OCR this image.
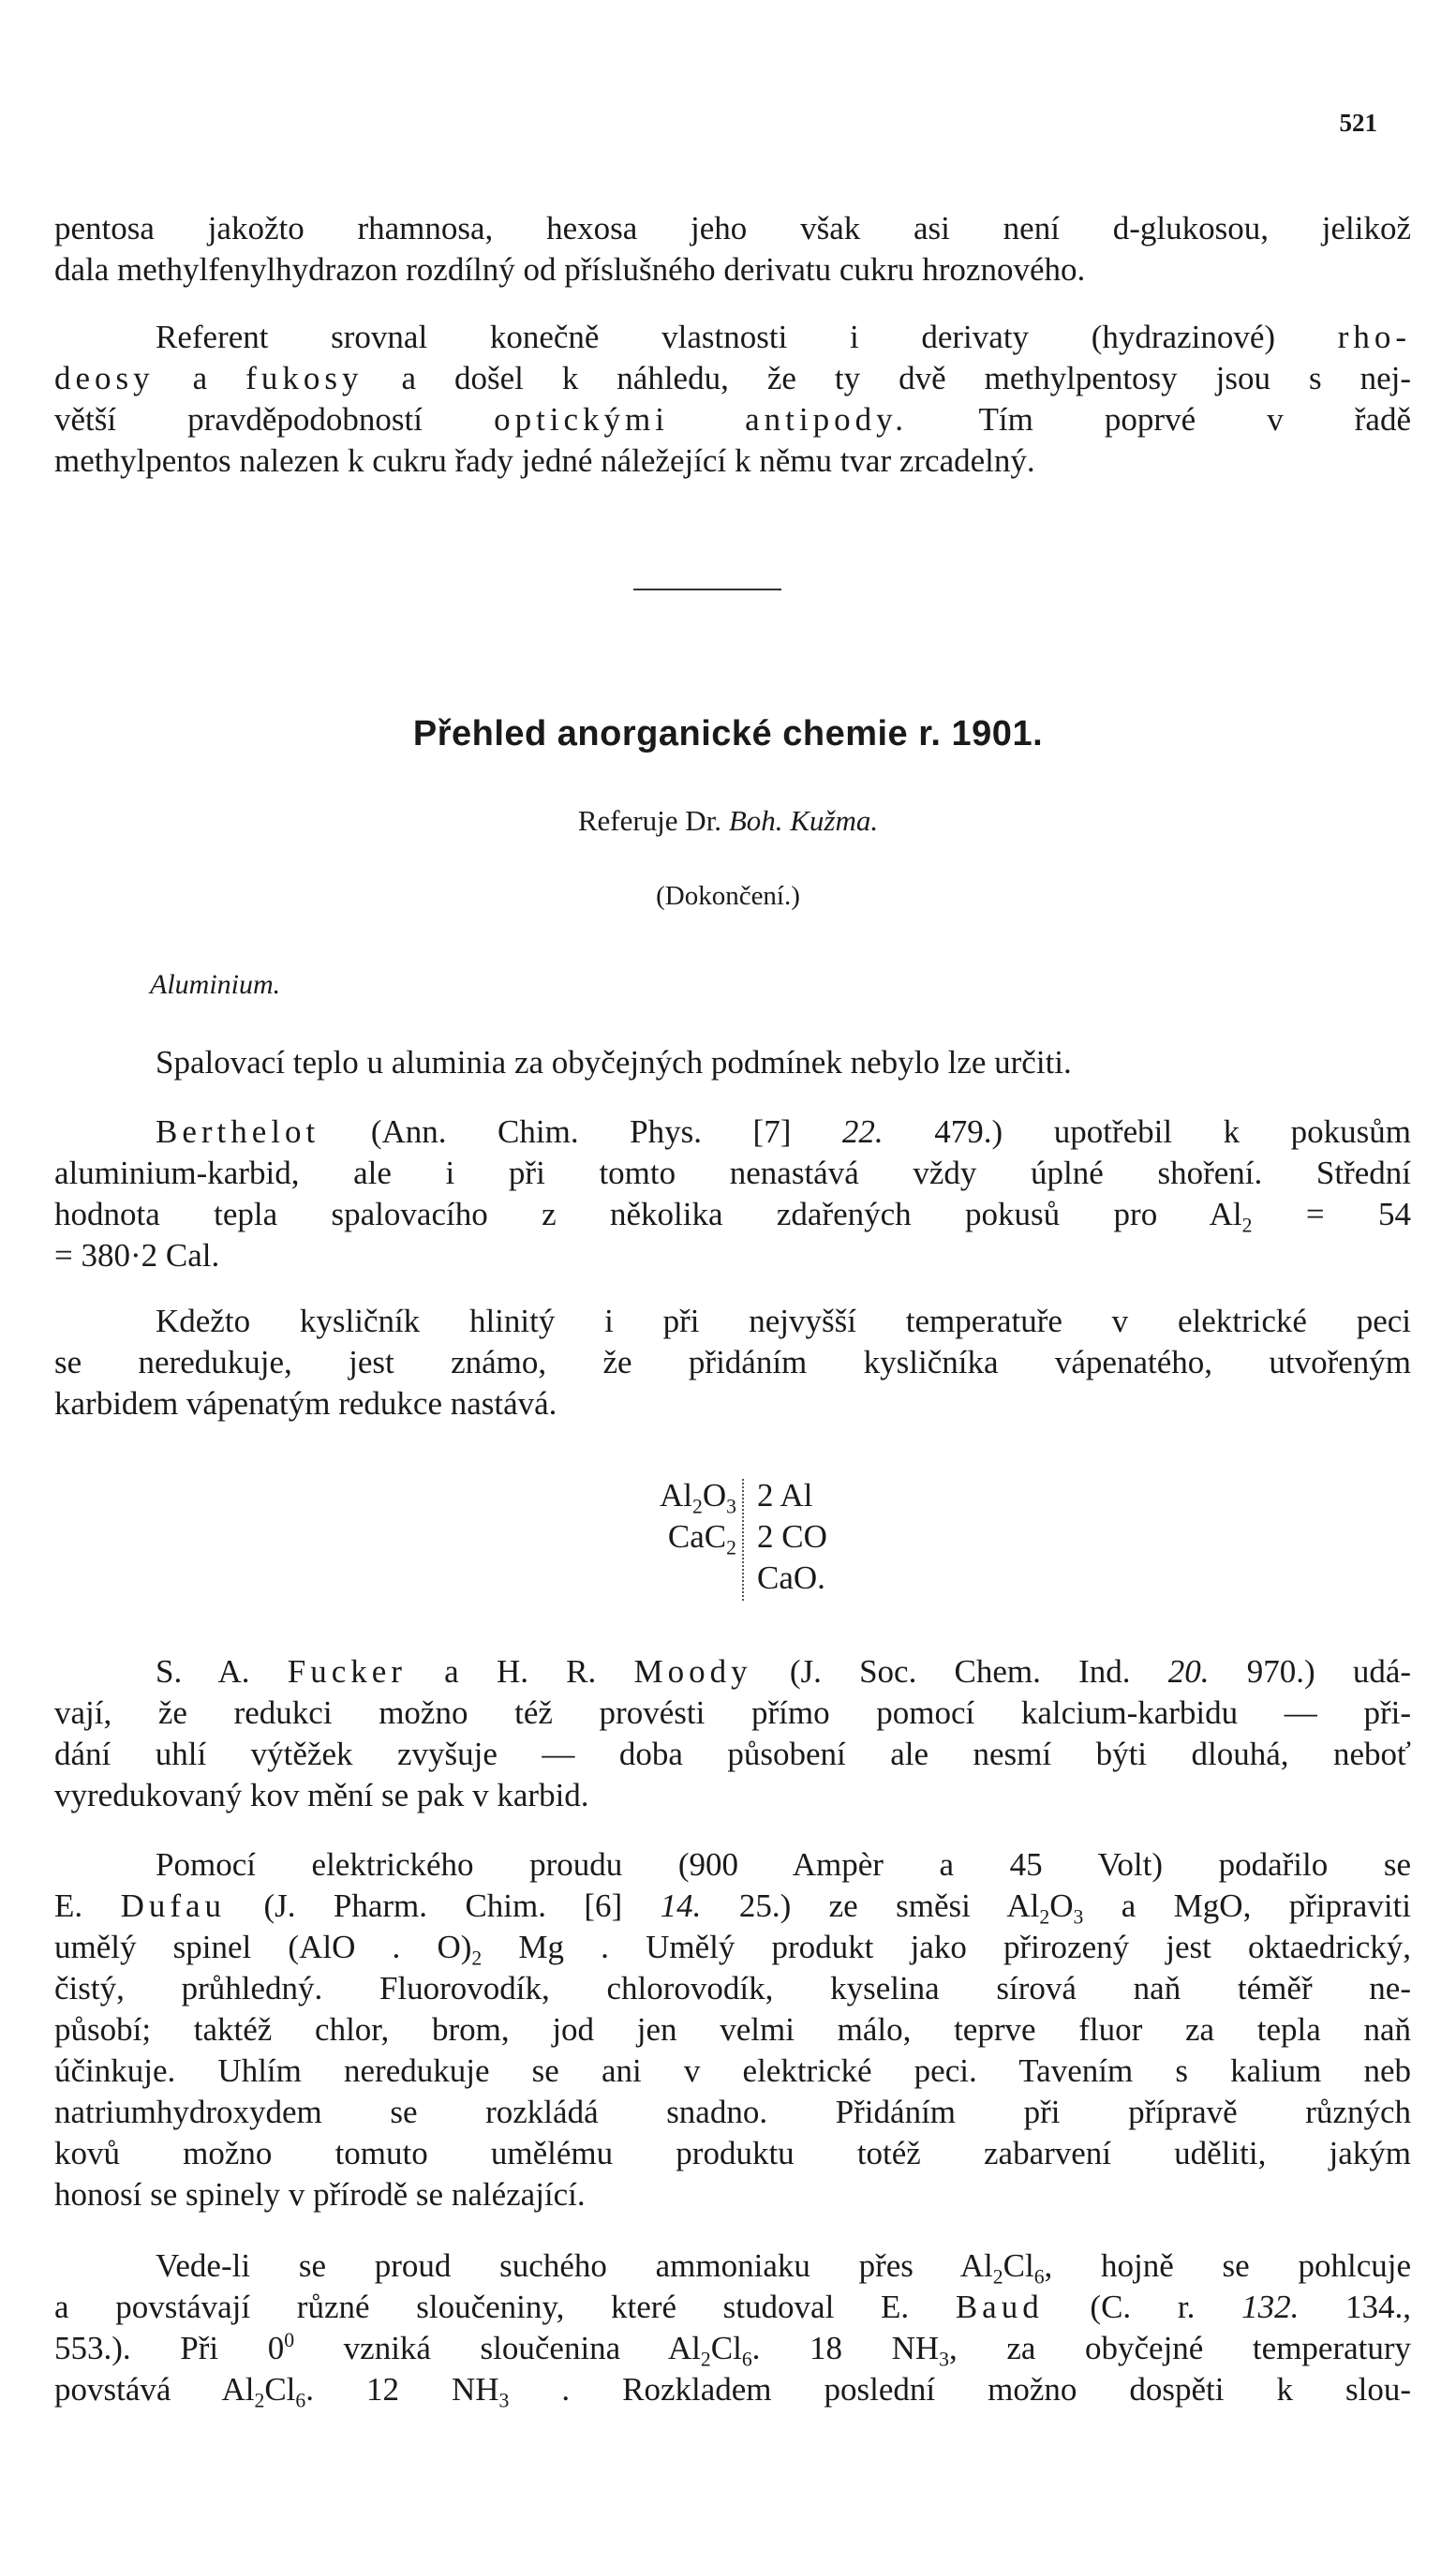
521
pentosa jakožto rhamnosa, hexosa jeho však asi není d-glukosou, jelikož
dala methylfenylhydrazon rozdílný od příslušného derivatu cukru hroznového.
Referent srovnal konečně vlastnosti i derivaty (hydrazinové) rho-
deosy a fukosy a došel k náhledu, že ty dvě methylpentosy jsou s nej-
větší pravděpodobností optickými antipody. Tím poprvé v řadě
methylpentos nalezen k cukru řady jedné náležející k němu tvar zrcadelný.
Přehled anorganické chemie r. 1901.
Referuje Dr. Boh. Kužma.
(Dokončení.)
Aluminium.
Spalovací teplo u aluminia za obyčejných podmínek nebylo lze určiti.
Berthelot (Ann. Chim. Phys. [7] 22. 479.) upotřebil k pokusům
aluminium-karbid, ale i při tomto nenastává vždy úplné shoření. Střední
hodnota tepla spalovacího z několika zdařených pokusů pro $Al_2 = 54$
= 380·2 Cal.
Kdežto kysličník hlinitý i při nejvyšší temperatuře v elektrické peci
se neredukuje, jest známo, že přidáním kysličníka vápenatého, utvořeným
karbidem vápenatým redukce nastává.
$Al_2O_3$
CaC$_2$
2 Al
2 CO
CaO.
S. A. Fucker a H. R. Moody (J. Soc. Chem. Ind. 20. 970.) udá-
vají, že redukci možno též provésti přímo pomocí kalcium-karbidu — při-
dání uhlí výtěžek zvyšuje — doba působení ale nesmí býti dlouhá, neboť
vyredukovaný kov mění se pak v karbid.
Pomocí elektrického proudu (900 Ampèr a 45 Volt) podařilo se
E. Dufau (J. Pharm. Chim. [6] 14. 25.) ze směsi $Al_2O_3$ a MgO, připraviti
umělý spinel (AlO . $O)_2$ Mg . Umělý produkt jako přirozený jest oktaedrický,
čistý, průhledný. Fluorovodík, chlorovodík, kyselina sírová naň téměř ne-
působí; taktéž chlor, brom, jod jen velmi málo, teprve fluor za tepla naň
účinkuje. Uhlím neredukuje se ani v elektrické peci. Tavením s kalium neb
natriumhydroxydem se rozkládá snadno. Přidáním při přípravě různých
kovů možno tomuto umělému produktu totéž zabarvení uděliti, jakým
honosí se spinely v přírodě se nalézající.
Vede-li se proud suchého ammoniaku přes $Al_2Cl_6$, hojně se pohlcuje
a povstávají různé sloučeniny, které studoval E. Baud (C. r. 132. 134.,
553.). Při $0^0$ vzniká sloučenina $Al_2Cl_6$. 18 $NH_3$, za obyčejné temperatury
povstává $Al_2Cl_6$. 12 $NH_3$ . Rozkladem poslední možno dospěti k slou-
